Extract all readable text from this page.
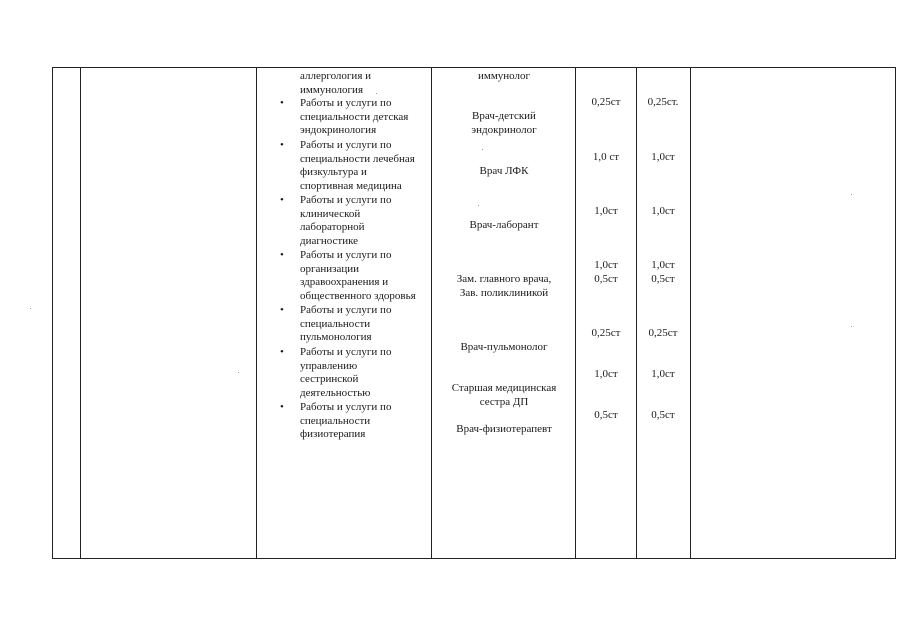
аллергология и
иммунология
• Работы и услуги по
специальности детская
эндокринология
• Работы и услуги по
специальности лечебная
физкультура и
спортивная медицина
• Работы и услуги по
клинической
лабораторной
диагностике
• Работы и услуги по
организации
здравоохранения и
общественного здоровья
• Работы и услуги по
специальности
пульмонология
• Работы и услуги по
управлению
сестринской
деятельностью
• Работы и услуги по
специальности
физиотерапия
иммунолог
Врач-детский
эндокринолог
Врач ЛФК
Врач-лаборант
Зам. главного врача,
Зав. поликлиникой
Врач-пульмонолог
Старшая медицинская
сестра ДП
Врач-физиотерапевт
0,25ст
1,0 ст
1,0ст
1,0ст
0,5ст
0,25ст
1,0ст
0,5ст
0,25ст.
1,0ст
1,0ст
1,0ст
0,5ст
0,25ст
1,0ст
0,5ст
